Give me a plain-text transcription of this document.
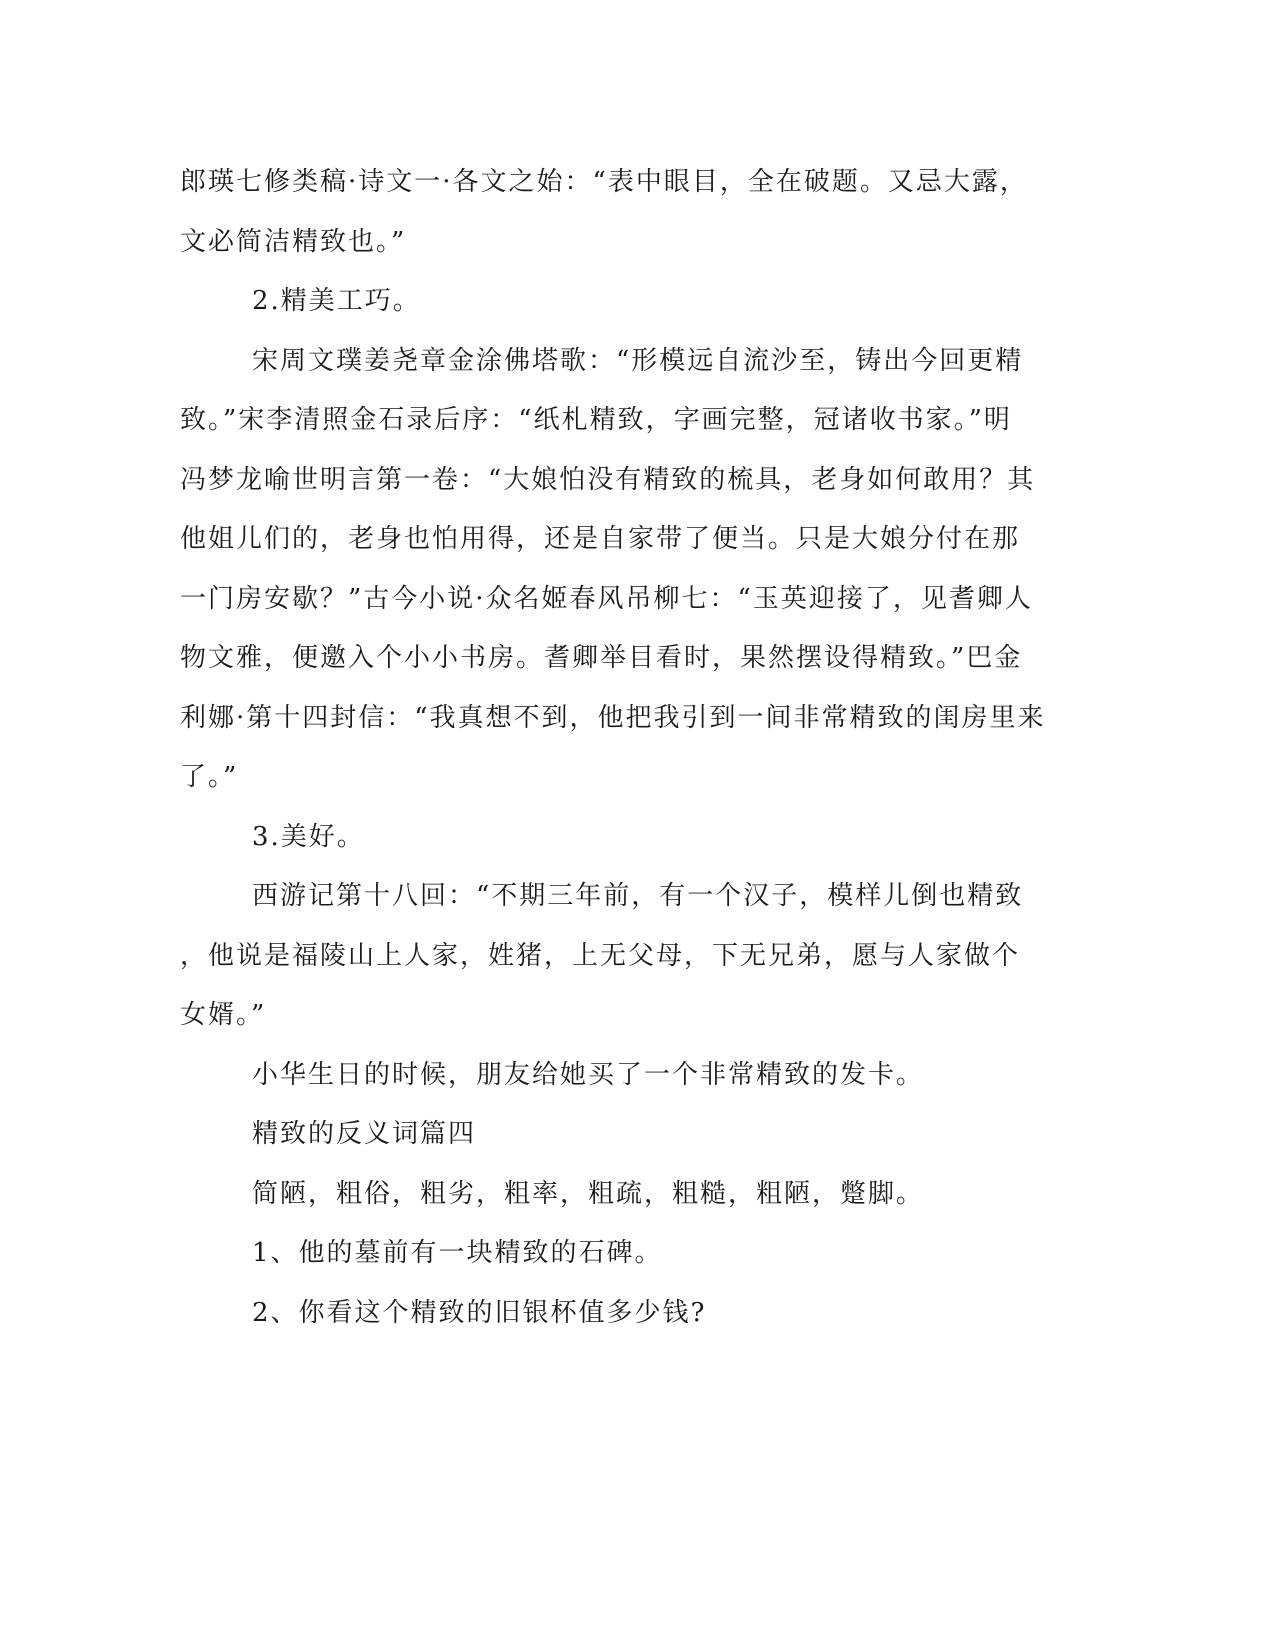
郎瑛七修类稿·诗文一·各文之始：“表中眼目，全在破题。又忌大露，
文必简洁精致也。”
2.精美工巧。
宋周文璞姜尧章金涂佛塔歌：“形模远自流沙至，铸出今回更精
致。”宋李清照金石录后序：“纸札精致，字画完整，冠诸收书家。”明
冯梦龙喻世明言第一卷：“大娘怕没有精致的梳具，老身如何敢用？其
他姐儿们的，老身也怕用得，还是自家带了便当。只是大娘分付在那
一门房安歇？”古今小说·众名姬春风吊柳七：“玉英迎接了，见耆卿人
物文雅，便邀入个小小书房。耆卿举目看时，果然摆设得精致。”巴金
利娜·第十四封信：“我真想不到，他把我引到一间非常精致的闺房里来
了。”
3.美好。
西游记第十八回：“不期三年前，有一个汉子，模样儿倒也精致
，他说是福陵山上人家，姓猪，上无父母，下无兄弟，愿与人家做个
女婿。”
小华生日的时候，朋友给她买了一个非常精致的发卡。
精致的反义词篇四
简陋，粗俗，粗劣，粗率，粗疏，粗糙，粗陋，蹩脚。
1、他的墓前有一块精致的石碑。
2、你看这个精致的旧银杯值多少钱?
